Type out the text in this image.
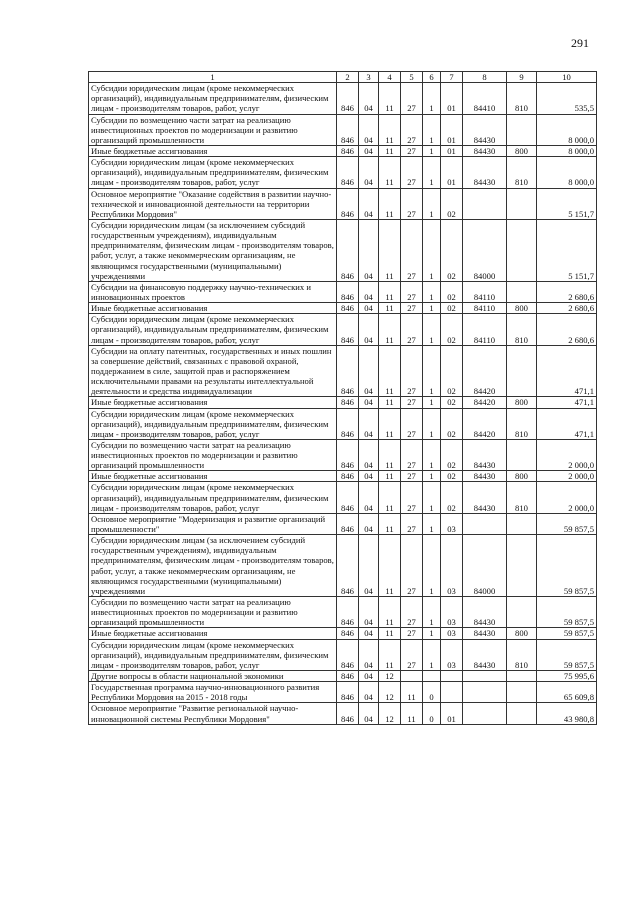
291
1	2	3	4	5	6	7	8	9	10
Субсидии юридическим лицам (кроме некоммерческих организаций), индивидуальным предпринимателям, физическим лицам - производителям товаров, работ, услуг	846	04	11	27	1	01	84410	810	535,5
Субсидии по возмещению части затрат на реализацию инвестиционных проектов по модернизации и развитию организаций промышленности	846	04	11	27	1	01	84430		8 000,0
Иные бюджетные ассигнования	846	04	11	27	1	01	84430	800	8 000,0
Субсидии юридическим лицам (кроме некоммерческих организаций), индивидуальным предпринимателям, физическим лицам - производителям товаров, работ, услуг	846	04	11	27	1	01	84430	810	8 000,0
Основное мероприятие "Оказание содействия в развитии научно-технической и инновационной деятельности на территории Республики Мордовия"	846	04	11	27	1	02			5 151,7
Субсидии юридическим лицам (за исключением субсидий государственным учреждениям), индивидуальным предпринимателям, физическим лицам - производителям товаров, работ, услуг, а также некоммерческим организациям, не являющимся государственными (муниципальными) учреждениями	846	04	11	27	1	02	84000		5 151,7
Субсидии на финансовую поддержку научно-технических и инновационных проектов	846	04	11	27	1	02	84110		2 680,6
Иные бюджетные ассигнования	846	04	11	27	1	02	84110	800	2 680,6
Субсидии юридическим лицам (кроме некоммерческих организаций), индивидуальным предпринимателям, физическим лицам - производителям товаров, работ, услуг	846	04	11	27	1	02	84110	810	2 680,6
Субсидии на оплату патентных, государственных и иных пошлин за совершение действий, связанных с правовой охраной, поддержанием в силе, защитой прав и распоряжением исключительными правами на результаты интеллектуальной деятельности и средства индивидуализации	846	04	11	27	1	02	84420		471,1
Иные бюджетные ассигнования	846	04	11	27	1	02	84420	800	471,1
Субсидии юридическим лицам (кроме некоммерческих организаций), индивидуальным предпринимателям, физическим лицам - производителям товаров, работ, услуг	846	04	11	27	1	02	84420	810	471,1
Субсидии по возмещению части затрат на реализацию инвестиционных проектов по модернизации и развитию организаций промышленности	846	04	11	27	1	02	84430		2 000,0
Иные бюджетные ассигнования	846	04	11	27	1	02	84430	800	2 000,0
Субсидии юридическим лицам (кроме некоммерческих организаций), индивидуальным предпринимателям, физическим лицам - производителям товаров, работ, услуг	846	04	11	27	1	02	84430	810	2 000,0
Основное мероприятие "Модернизация и развитие организаций промышленности"	846	04	11	27	1	03			59 857,5
Субсидии юридическим лицам (за исключением субсидий государственным учреждениям), индивидуальным предпринимателям, физическим лицам - производителям товаров, работ, услуг, а также некоммерческим организациям, не являющимся государственными (муниципальными) учреждениями	846	04	11	27	1	03	84000		59 857,5
Субсидии по возмещению части затрат на реализацию инвестиционных проектов по модернизации и развитию организаций промышленности	846	04	11	27	1	03	84430		59 857,5
Иные бюджетные ассигнования	846	04	11	27	1	03	84430	800	59 857,5
Субсидии юридическим лицам (кроме некоммерческих организаций), индивидуальным предпринимателям, физическим лицам - производителям товаров, работ, услуг	846	04	11	27	1	03	84430	810	59 857,5
Другие вопросы в области национальной экономики	846	04	12						75 995,6
Государственная программа научно-инновационного развития Республики Мордовия на 2015 - 2018 годы	846	04	12	11	0				65 609,8
Основное мероприятие "Развитие региональной научно-инновационной системы Республики Мордовия"	846	04	12	11	0	01			43 980,8
